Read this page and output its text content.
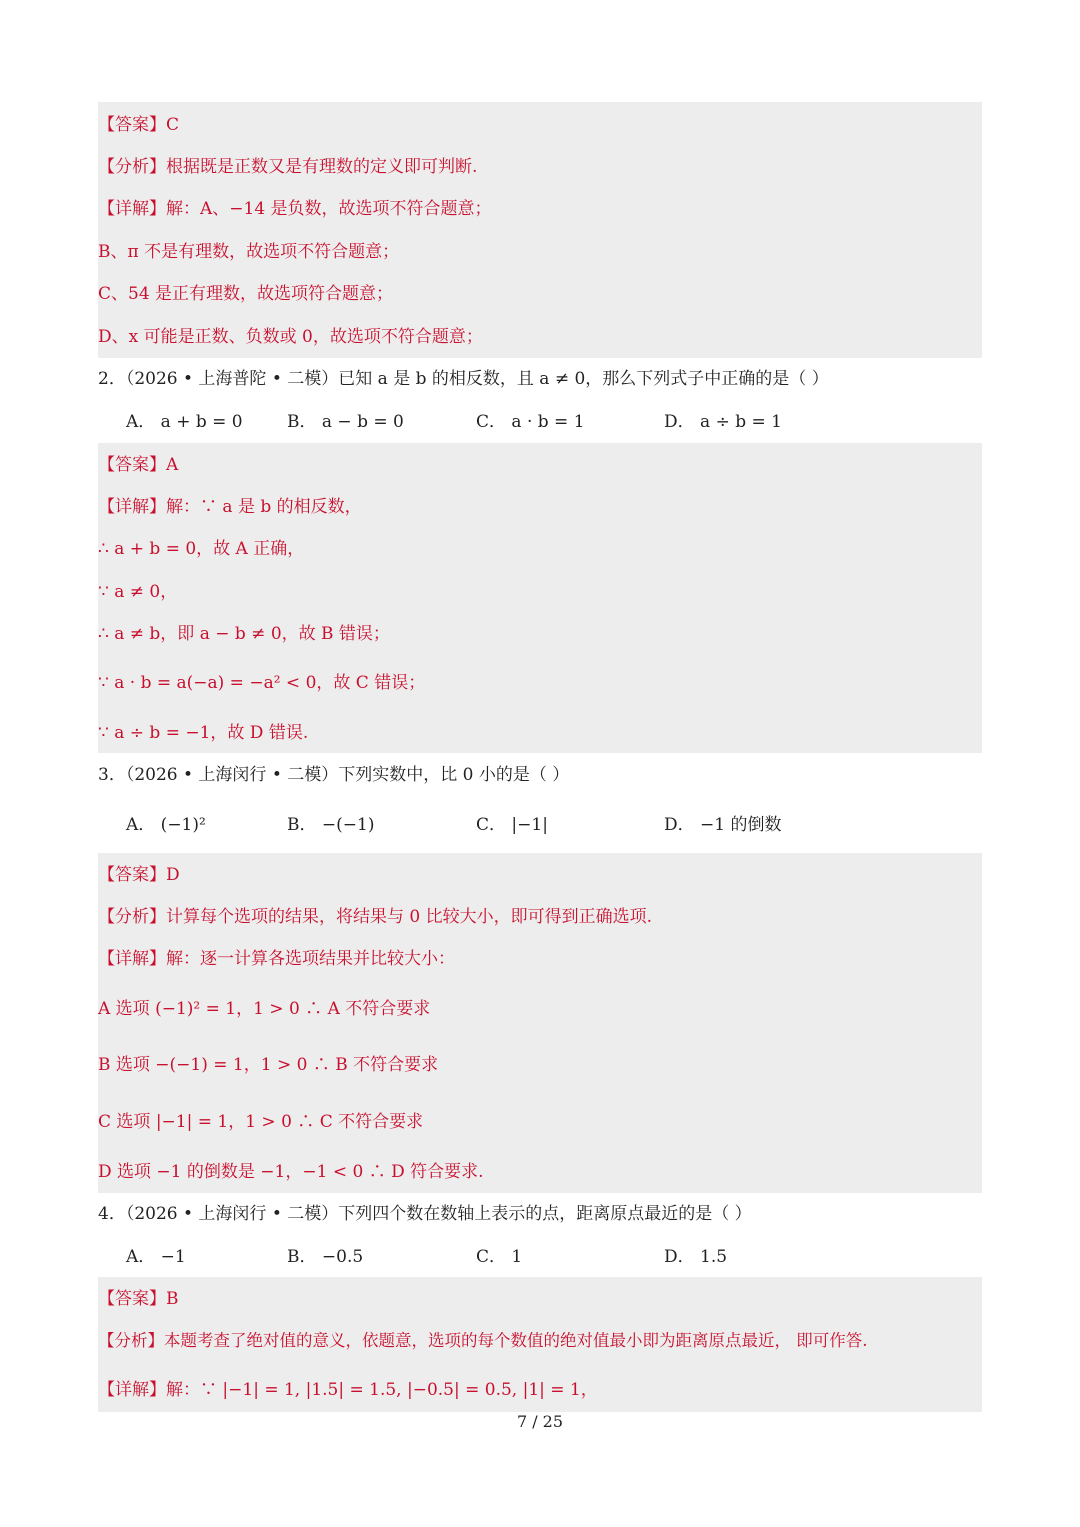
【答案】C
【分析】根据既是正数又是有理数的定义即可判断.
【详解】解：A、−14 是负数，故选项不符合题意；
B、π 不是有理数，故选项不符合题意；
C、54 是正有理数，故选项符合题意；
D、x 可能是正数、负数或 0，故选项不符合题意；
2．（2026 • 上海普陀 • 二模）已知 a 是 b 的相反数，且 a ≠ 0，那么下列式子中正确的是（ ）
A． a + b = 0	B． a − b = 0	C． a · b = 1	D． a ÷ b = 1
【答案】A
【详解】解：∵ a 是 b 的相反数，
∴ a + b = 0，故 A 正确，
∵ a ≠ 0，
∴ a ≠ b，即 a − b ≠ 0，故 B 错误；
∵ a · b = a(−a) = −a² < 0，故 C 错误；
∵ a ÷ b = −1，故 D 错误.
3．（2026 • 上海闵行 • 二模）下列实数中，比 0 小的是（ ）
A． (−1)²	B． −(−1)	C． |−1|	D． −1 的倒数
【答案】D
【分析】计算每个选项的结果，将结果与 0 比较大小，即可得到正确选项.
【详解】解：逐一计算各选项结果并比较大小：
A 选项 (−1)² = 1，1 > 0 ∴ A 不符合要求
B 选项 −(−1) = 1，1 > 0 ∴ B 不符合要求
C 选项 |−1| = 1，1 > 0 ∴ C 不符合要求
D 选项 −1 的倒数是 −1，−1 < 0 ∴ D 符合要求.
4．（2026 • 上海闵行 • 二模）下列四个数在数轴上表示的点，距离原点最近的是（ ）
A． −1	B． −0.5	C． 1	D． 1.5
【答案】B
【分析】本题考查了绝对值的意义，依题意，选项的每个数值的绝对值最小即为距离原点最近， 即可作答.
【详解】解：∵ |−1| = 1, |1.5| = 1.5, |−0.5| = 0.5, |1| = 1，
7 / 25
